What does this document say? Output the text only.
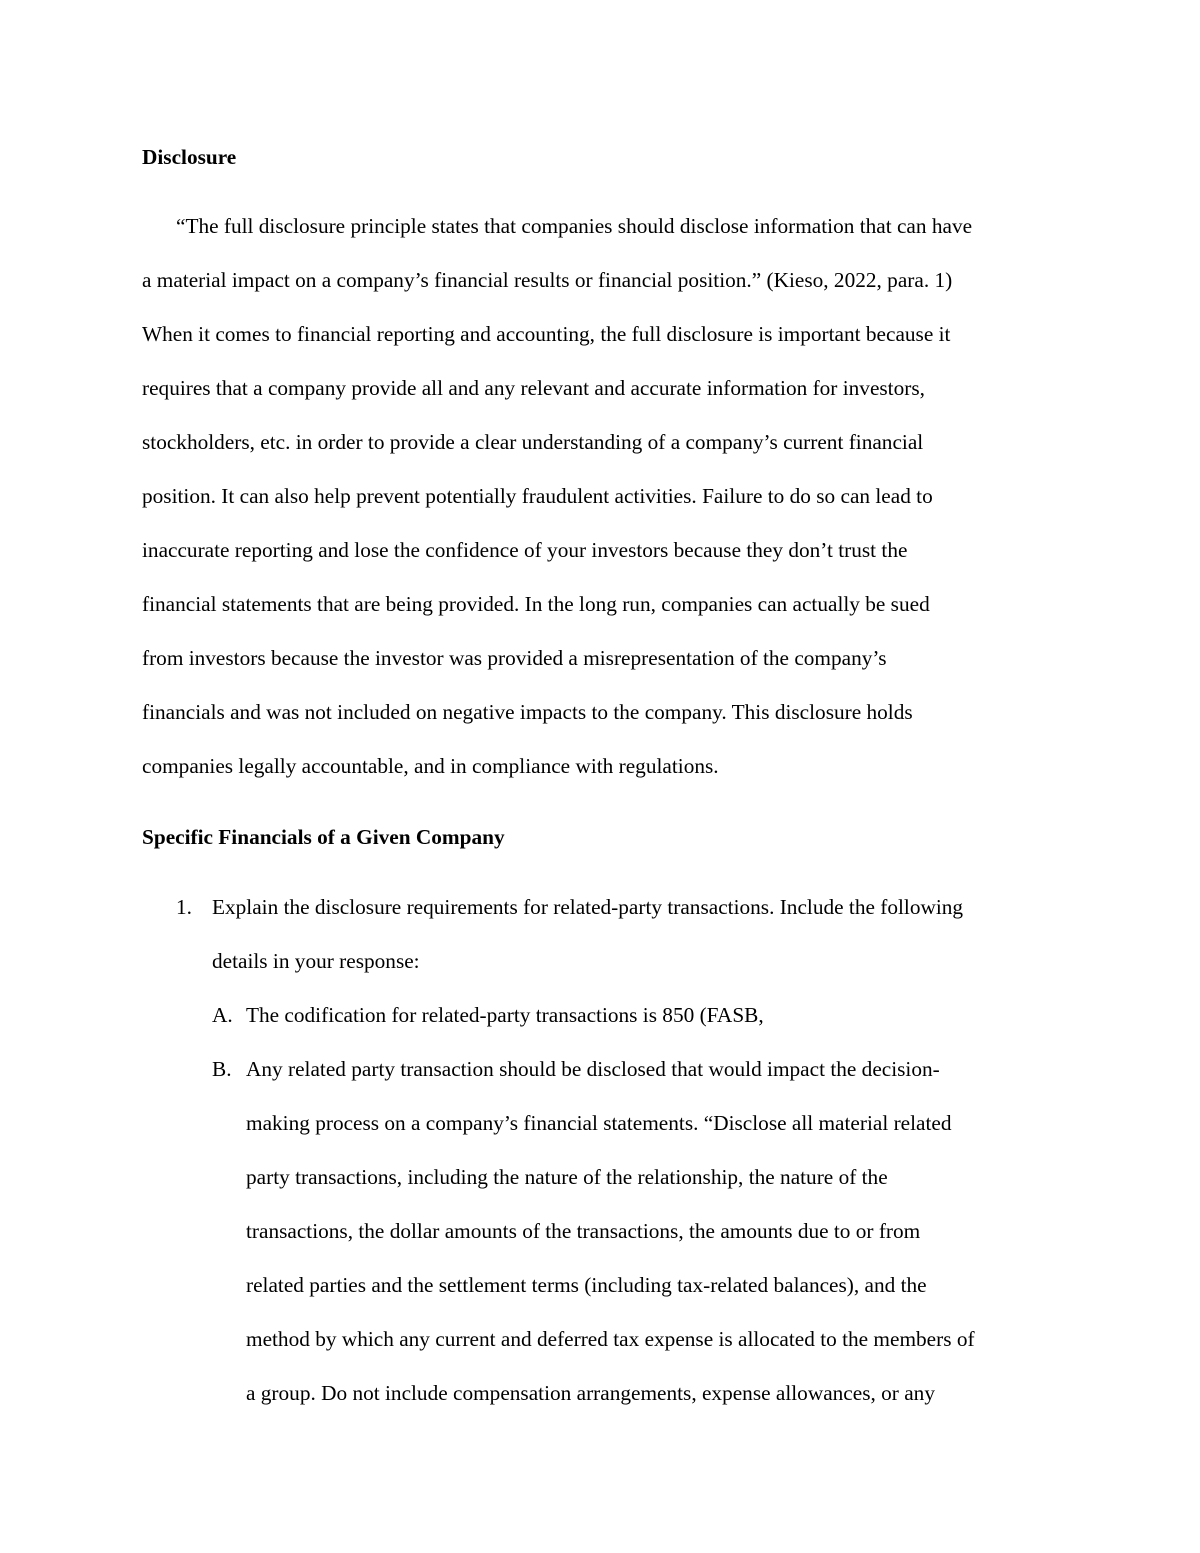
Disclosure
“The full disclosure principle states that companies should disclose information that can have
a material impact on a company’s financial results or financial position.” (Kieso, 2022, para. 1)
When it comes to financial reporting and accounting, the full disclosure is important because it
requires that a company provide all and any relevant and accurate information for investors,
stockholders, etc. in order to provide a clear understanding of a company’s current financial
position. It can also help prevent potentially fraudulent activities. Failure to do so can lead to
inaccurate reporting and lose the confidence of your investors because they don’t trust the
financial statements that are being provided. In the long run, companies can actually be sued
from investors because the investor was provided a misrepresentation of the company’s
financials and was not included on negative impacts to the company. This disclosure holds
companies legally accountable, and in compliance with regulations.
Specific Financials of a Given Company
1. Explain the disclosure requirements for related-party transactions. Include the following
details in your response:
A. The codification for related-party transactions is 850 (FASB,
B. Any related party transaction should be disclosed that would impact the decision-
making process on a company’s financial statements. “Disclose all material related
party transactions, including the nature of the relationship, the nature of the
transactions, the dollar amounts of the transactions, the amounts due to or from
related parties and the settlement terms (including tax-related balances), and the
method by which any current and deferred tax expense is allocated to the members of
a group. Do not include compensation arrangements, expense allowances, or any
